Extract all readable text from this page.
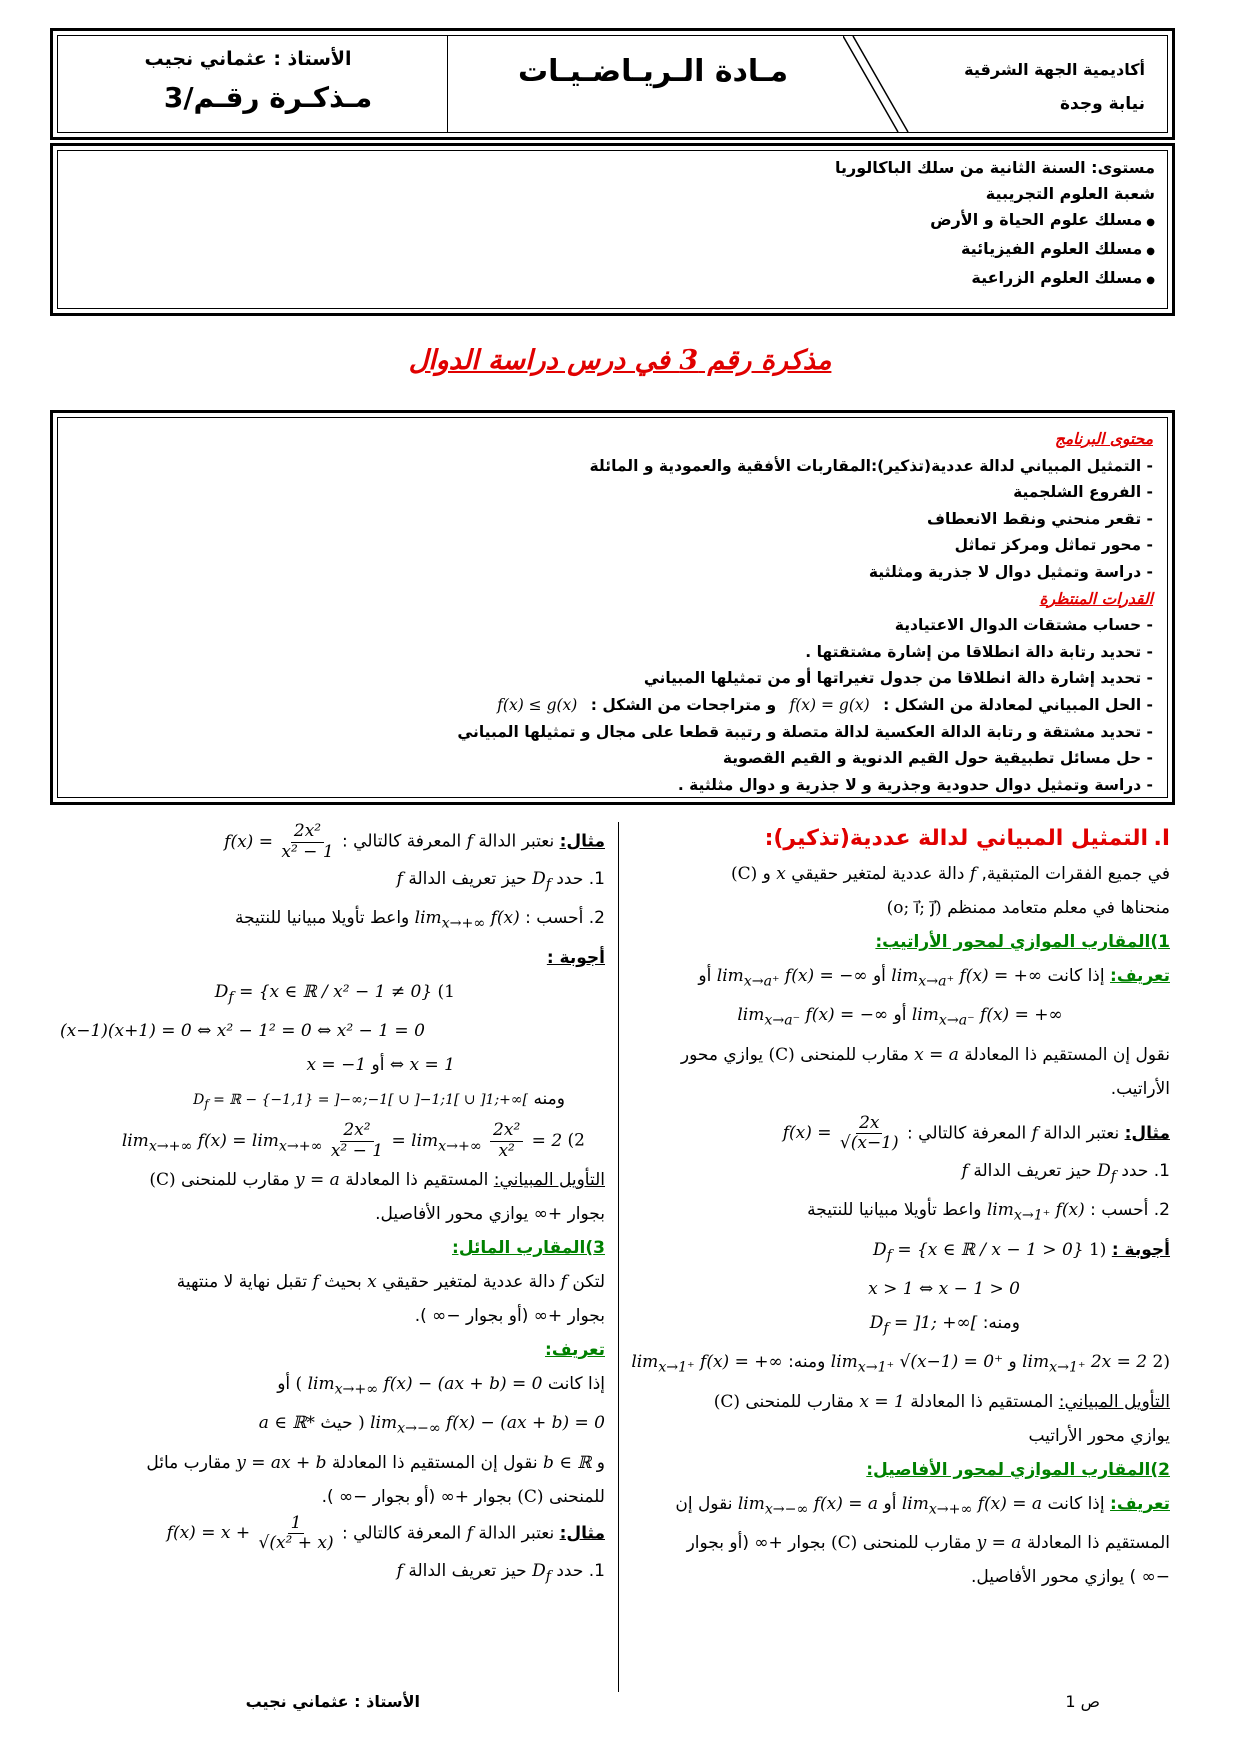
الأستاذ : عثماني نجيب
مـذكـرة رقـم/3
مـادة الـريـاضـيـات	أكاديمية الجهة الشرقية
نيابة وجدة
مستوى: السنة الثانية من سلك الباكالوريا
شعبة العلوم التجريبية
● مسلك علوم الحياة و الأرض
● مسلك العلوم الفيزيائية
● مسلك العلوم الزراعية
مذكرة رقم 3 في درس دراسة الدوال
محتوى البرنامج
- التمثيل المبياني لدالة عددية(تذكير):المقاربات الأفقية والعمودية و المائلة
- الفروع الشلجمية
- تقعر منحني ونقط الانعطاف
- محور تماثل ومركز تماثل
- دراسة وتمثيل دوال لا جذرية ومثلثية
القدرات المنتظرة
- حساب مشتقات الدوال الاعتيادية
- تحديد رتابة دالة انطلاقا من إشارة مشتقتها .
- تحديد إشارة دالة انطلاقا من جدول تغيراتها أو من تمثيلها المبياني
- الحل المبياني لمعادلة من الشكل : f(x) = g(x) و متراجحات من الشكل : f(x) ≤ g(x)
- تحديد مشتقة و رتابة الدالة العكسية لدالة متصلة و رتيبة قطعا على مجال و تمثيلها المبياني
- حل مسائل تطبيقية حول القيم الدنوية و القيم القصوية
- دراسة وتمثيل دوال حدودية وجذرية و لا جذرية و دوال مثلثية .
I. التمثيل المبياني لدالة عددية(تذكير):
في جميع الفقرات المتبقية, f دالة عددية لمتغير حقيقي x و (C)
منحناها في معلم متعامد ممنظم (o; i⃗; j⃗)
1)المقارب الموازي لمحور الأراتيب:
تعريف: إذا كانت $\lim_{x\to a^+} f(x)$ = +∞ أو $\lim_{x\to a^+} f(x)$ = −∞ أو
$\lim_{x\to a^-} f(x)$ = +∞ أو $\lim_{x\to a^-} f(x)$ = −∞
نقول إن المستقيم ذا المعادلة x = a مقارب للمنحنى (C) يوازي محور الأراتيب.
مثال: نعتبر الدالة f المعرفة كالتالي : $f(x) = \frac{2x}{√(x-1)}$
1. حدد $D_f$ حيز تعريف الدالة f
2. أحسب : $\lim_{x\to 1^+} f(x)$ واعط تأويلا مبيانيا للنتيجة
أجوبة : 1) $D_f = \{x$ ∈ ℝ / x − 1 > 0}
x > 1 ⇔ x − 1 > 0
ومنه: $D_f = ]1$; +∞[
2) $\lim_{x\to 1^+} 2x = 2$ و $\lim_{x\to 1^+} √(x-1) = 0^+$ ومنه: $\lim_{x\to 1^+} f(x)$ = +∞
التأويل المبياني: المستقيم ذا المعادلة x = 1 مقارب للمنحنى (C)
يوازي محور الأراتيب
2)المقارب الموازي لمحور الأفاصيل:
تعريف: إذا كانت $\lim_{x\to+\infty} f(x) = a$ أو $\lim_{x\to-\infty} f(x) = a$ نقول إن
المستقيم ذا المعادلة y = a مقارب للمنحنى (C) بجوار +∞ (أو بجوار
−∞ ) يوازي محور الأفاصيل.
مثال: نعتبر الدالة f المعرفة كالتالي : $f(x) = \frac{\text{2x²}}{\text{x² − 1}}$
1. حدد $D_f$ حيز تعريف الدالة f
2. أحسب : $\lim_{x\to+\infty} f(x)$ واعط تأويلا مبيانيا للنتيجة
أجوبة :
(1 $D_f = \{x$ ∈ ℝ / x² − 1 ≠ 0}
(x−1)(x+1) = 0 ⇔ x² − 1² = 0 ⇔ x² − 1 = 0
⇔ x = 1 أو x = −1
ومنه $D_f$ = ℝ − {−1,1} = ]−∞;−1[ ∪ ]−1;1[ ∪ ]1;+∞[
(2 $\lim_{x\to+\infty} f(x) = \lim_{x\to+\infty} \frac{\text{2x²}}{\text{x² − 1}} = \lim_{x\to+\infty} \frac{\text{2x²}}{\text{x²}} = 2$
التأويل المبياني: المستقيم ذا المعادلة y = a مقارب للمنحنى (C)
بجوار +∞ يوازي محور الأفاصيل.
3)المقارب المائل:
لتكن f دالة عددية لمتغير حقيقي x بحيث f تقبل نهاية لا منتهية
بجوار +∞ (أو بجوار −∞ ).
تعريف:
إذا كانت $\lim_{x\to+\infty} f(x) - (ax + b) = 0$ ( أو
$\lim_{x\to-\infty} f(x) - (ax + b) = 0$ ) حيث a ∈ ℝ*
و b ∈ ℝ نقول إن المستقيم ذا المعادلة y = ax + b مقارب مائل
للمنحنى (C) بجوار +∞ (أو بجوار −∞ ).
مثال: نعتبر الدالة f المعرفة كالتالي : $f(x) = x + \frac{1}{\text{√(x² + x)}}$
1. حدد $D_f$ حيز تعريف الدالة f
الأستاذ : عثماني نجيب	ص 1
